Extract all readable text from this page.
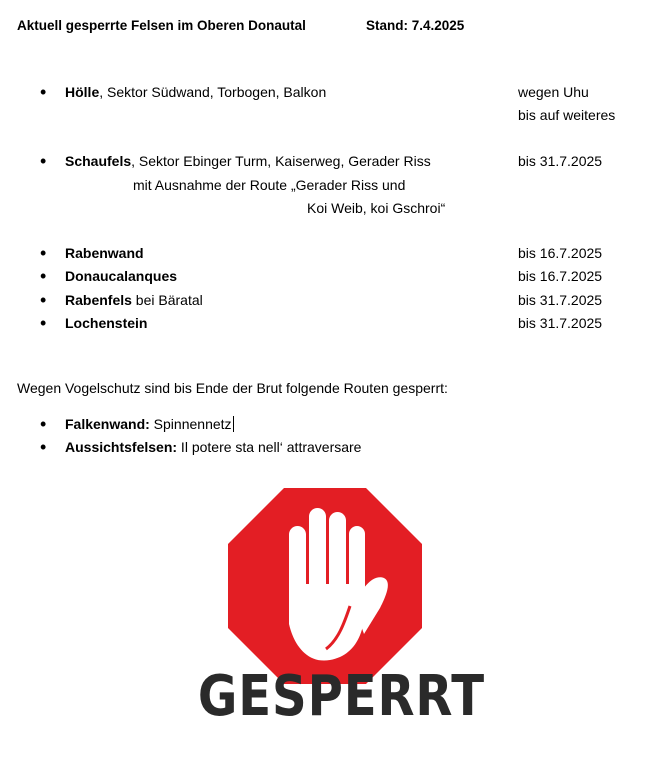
Aktuell gesperrte Felsen im Oberen Donautal	Stand: 7.4.2025
• Hölle, Sektor Südwand, Torbogen, Balkon	wegen Uhu
bis auf weiteres
• Schaufels, Sektor Ebinger Turm, Kaiserweg, Gerader Riss	bis 31.7.2025
mit Ausnahme der Route „Gerader Riss und
Koi Weib, koi Gschroi“
• Rabenwand	bis 16.7.2025
• Donaucalanques	bis 16.7.2025
• Rabenfels bei Bäratal	bis 31.7.2025
• Lochenstein	bis 31.7.2025
Wegen Vogelschutz sind bis Ende der Brut folgende Routen gesperrt:
• Falkenwand: Spinnennetz
• Aussichtsfelsen: Il potere sta nell‘ attraversare
GESPERRT
